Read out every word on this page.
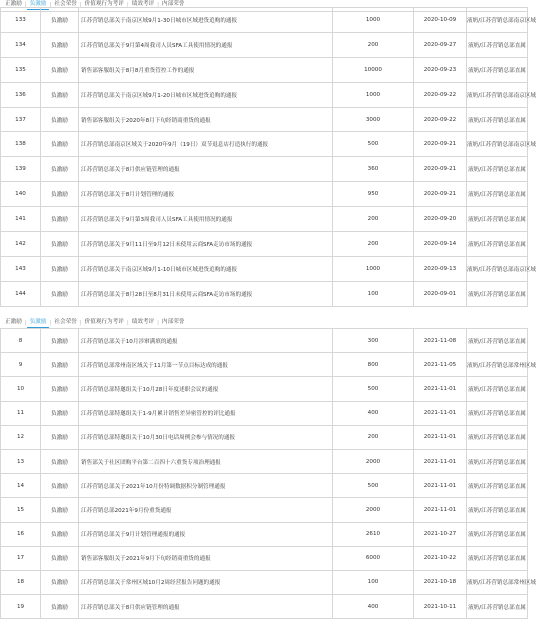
正激励 | 负激励 | 社会荣誉 | 价值观行为考评 | 绩效考评 | 内部荣誉
133	负激励	江苏营销总部关于南京区域9月1-30日城市区域进货追购的通报	1000	2020-10-09	液奶/江苏营销总部南京区域
134	负激励	江苏营销总部关于9月第4周我司人员SFA工具使用情况的通报	200	2020-09-27	液奶/江苏营销总部直属
135	负激励	销售部客服组关于8月8月重货管控工作的通报	10000	2020-09-23	液奶/江苏营销总部直属
136	负激励	江苏营销总部关于南京区域9月1-20日城市区域进货追购的通报	1000	2020-09-22	液奶/江苏营销总部南京区域
137	负激励	销售部客服组关于2020年8月下旬经销商重货的通报	3000	2020-09-22	液奶/江苏营销总部直属
138	负激励	江苏营销总部南京区域关于2020年9月（19日）双节退息店打造执行的通报	500	2020-09-21	液奶/江苏营销总部南京区域
139	负激励	江苏营销总部关于8月供应链管理的通报	360	2020-09-21	液奶/江苏营销总部直属
140	负激励	江苏营销总部关于8月计划管理的通报	950	2020-09-21	液奶/江苏营销总部直属
141	负激励	江苏营销总部关于9月第3周我司人员SFA工具使用情况的通报	200	2020-09-20	液奶/江苏营销总部直属
142	负激励	江苏营销总部关于9月11日至9月12日未使用云商SFA走访市场的通报	200	2020-09-14	液奶/江苏营销总部直属
143	负激励	江苏营销总部关于南京区域9月1-10日城市区域进货追购的通报	1000	2020-09-13	液奶/江苏营销总部南京区域
144	负激励	江苏营销总部关于8月28日至8月31日未使用云商SFA走访市场的通报	100	2020-09-01	液奶/江苏营销总部直属
正激励 | 负激励 | 社会荣誉 | 价值观行为考评 | 绩效考评 | 内部荣誉
8	负激励	江苏营销总部关于10月涉窜满填的通报	300	2021-11-08	液奶/江苏营销总部直属
9	负激励	江苏营销总部常州南区域关于11月第一节点目标达成的通报	800	2021-11-05	液奶/江苏营销总部常州区域
10	负激励	江苏营销总部特邀组关于10月28日年度述职会议的通报	500	2021-11-01	液奶/江苏营销总部直属
11	负激励	江苏营销总部特邀组关于1-9月累计销售差异密管控的评比通报	400	2021-11-01	液奶/江苏营销总部直属
12	负激励	江苏营销总部特邀组关于10月30日电话周例会参与情况的通报	200	2021-11-01	液奶/江苏营销总部直属
13	负激励	销售部关于社区团购平台第二百四十六重货专项治理通报	2000	2021-11-01	液奶/江苏营销总部直属
14	负激励	江苏营销总部关于2021年10月份特调数据积分制管理通报	500	2021-11-01	液奶/江苏营销总部直属
15	负激励	江苏营销总部2021年9月份重货通报	2000	2021-11-01	液奶/江苏营销总部直属
16	负激励	江苏营销总部关于9月计划管理通报的通报	2610	2021-10-27	液奶/江苏营销总部直属
17	负激励	销售部客服组关于2021年9月下旬经销商重货的通报	6000	2021-10-22	液奶/江苏营销总部直属
18	负激励	江苏营销总部关于常州区域10月2周经营报告问题的通报	100	2021-10-18	液奶/江苏营销总部常州区域
19	负激励	江苏营销总部关于8月供应链管理的通报	400	2021-10-11	液奶/江苏营销总部直属
